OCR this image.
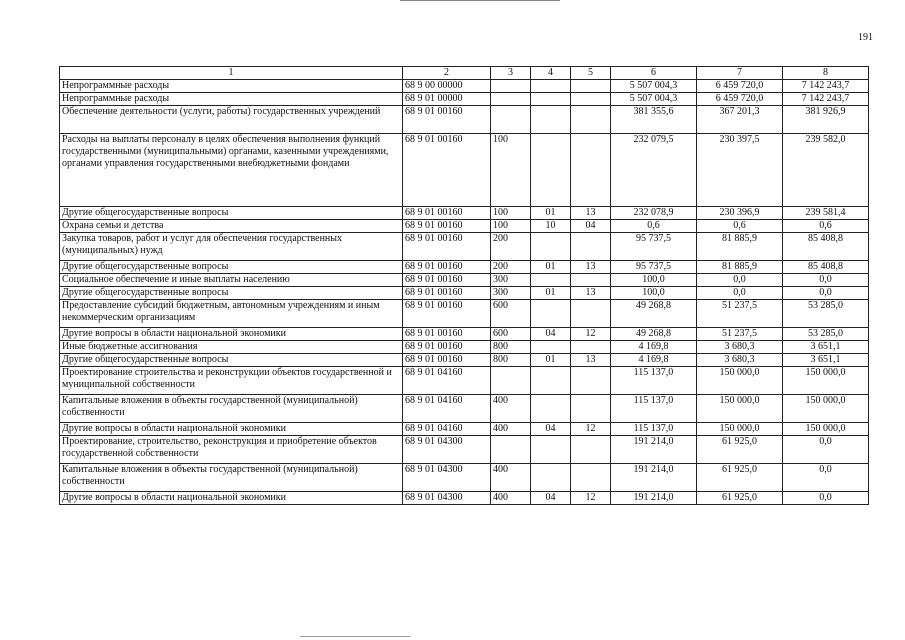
191
1	2	3	4	5	6	7	8
Непрограммные расходы	68 9 00 00000				5 507 004,3	6 459 720,0	7 142 243,7
Непрограммные расходы	68 9 01 00000				5 507 004,3	6 459 720,0	7 142 243,7
Обеспечение деятельности (услуги, работы) государственных учреждений	68 9 01 00160				381 355,6	367 201,3	381 926,9
Расходы на выплаты персоналу в целях обеспечения выполнения функций государственными (муниципальными) органами, казенными учреждениями, органами управления государственными внебюджетными фондами	68 9 01 00160	100			232 079,5	230 397,5	239 582,0
Другие общегосударственные вопросы	68 9 01 00160	100	01	13	232 078,9	230 396,9	239 581,4
Охрана семьи и детства	68 9 01 00160	100	10	04	0,6	0,6	0,6
Закупка товаров, работ и услуг для обеспечения государственных (муниципальных) нужд	68 9 01 00160	200			95 737,5	81 885,9	85 408,8
Другие общегосударственные вопросы	68 9 01 00160	200	01	13	95 737,5	81 885,9	85 408,8
Социальное обеспечение и иные выплаты населению	68 9 01 00160	300			100,0	0,0	0,0
Другие общегосударственные вопросы	68 9 01 00160	300	01	13	100,0	0,0	0,0
Предоставление субсидий бюджетным, автономным учреждениям и иным некоммерческим организациям	68 9 01 00160	600			49 268,8	51 237,5	53 285,0
Другие вопросы в области национальной экономики	68 9 01 00160	600	04	12	49 268,8	51 237,5	53 285,0
Иные бюджетные ассигнования	68 9 01 00160	800			4 169,8	3 680,3	3 651,1
Другие общегосударственные вопросы	68 9 01 00160	800	01	13	4 169,8	3 680,3	3 651,1
Проектирование строительства и реконструкции объектов государственной и муниципальной собственности	68 9 01 04160				115 137,0	150 000,0	150 000,0
Капитальные вложения в объекты государственной (муниципальной) собственности	68 9 01 04160	400			115 137,0	150 000,0	150 000,0
Другие вопросы в области национальной экономики	68 9 01 04160	400	04	12	115 137,0	150 000,0	150 000,0
Проектирование, строительство, реконструкция и приобретение объектов государственной собственности	68 9 01 04300				191 214,0	61 925,0	0,0
Капитальные вложения в объекты государственной (муниципальной) собственности	68 9 01 04300	400			191 214,0	61 925,0	0,0
Другие вопросы в области национальной экономики	68 9 01 04300	400	04	12	191 214,0	61 925,0	0,0
